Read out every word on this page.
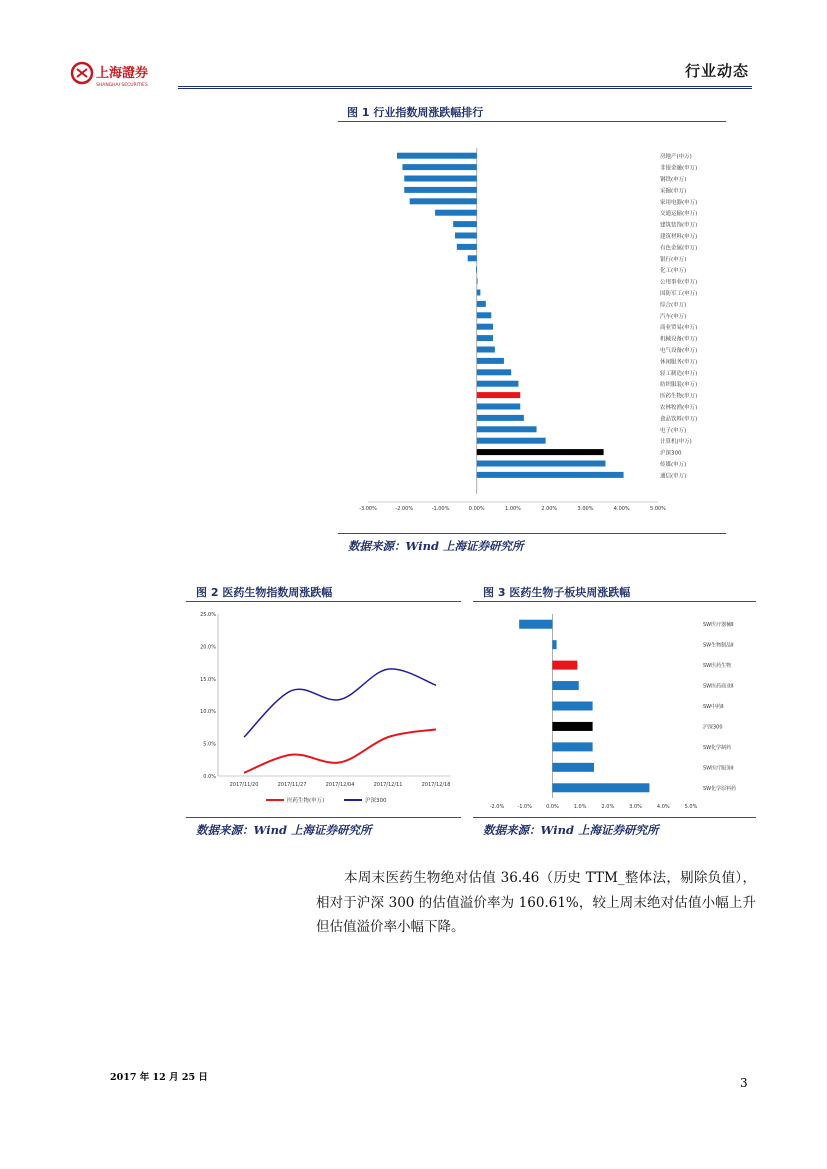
上海證券
SHANGHAI SECURITIES
行业动态
图 1 行业指数周涨跌幅排行
房地产(申万)
非银金融(申万)
钢铁(申万)
采掘(申万)
家用电器(申万)
交通运输(申万)
建筑装饰(申万)
建筑材料(申万)
有色金属(申万)
银行(申万)
化工(申万)
公用事业(申万)
国防军工(申万)
综合(申万)
汽车(申万)
商业贸易(申万)
机械设备(申万)
电气设备(申万)
休闲服务(申万)
轻工制造(申万)
纺织服装(申万)
医药生物(申万)
农林牧渔(申万)
食品饮料(申万)
电子(申万)
计算机(申万)
沪深300
传媒(申万)
通信(申万)
-3.00%	-2.00%	-1.00%	0.00%	1.00%	2.00%	3.00%	4.00%	5.00%
数据来源：Wind 上海证券研究所
图 2 医药生物指数周涨跌幅
0.0%
5.0%
10.0%
15.0%
20.0%
25.0%
2017/11/20	2017/11/27	2017/12/04	2017/12/11	2017/12/18
医药生物(申万)	沪深300
数据来源：Wind 上海证券研究所
图 3 医药生物子板块周涨跌幅
SW医疗器械Ⅱ
SW生物制品Ⅱ
SW医药生物
SW医药商业Ⅱ
SW中药Ⅱ
沪深300
SW化学制药
SW医疗服务Ⅱ
SW化学原料药
-2.0%	-1.0%	0.0%	1.0%	2.0%	3.0%	4.0%	5.0%
数据来源：Wind 上海证券研究所
本周末医药生物绝对估值 36.46（历史 TTM_整体法，剔除负值），相对于沪深 300 的估值溢价率为 160.61%，较上周末绝对估值小幅上升但估值溢价率小幅下降。
2017 年 12 月 25 日	3
